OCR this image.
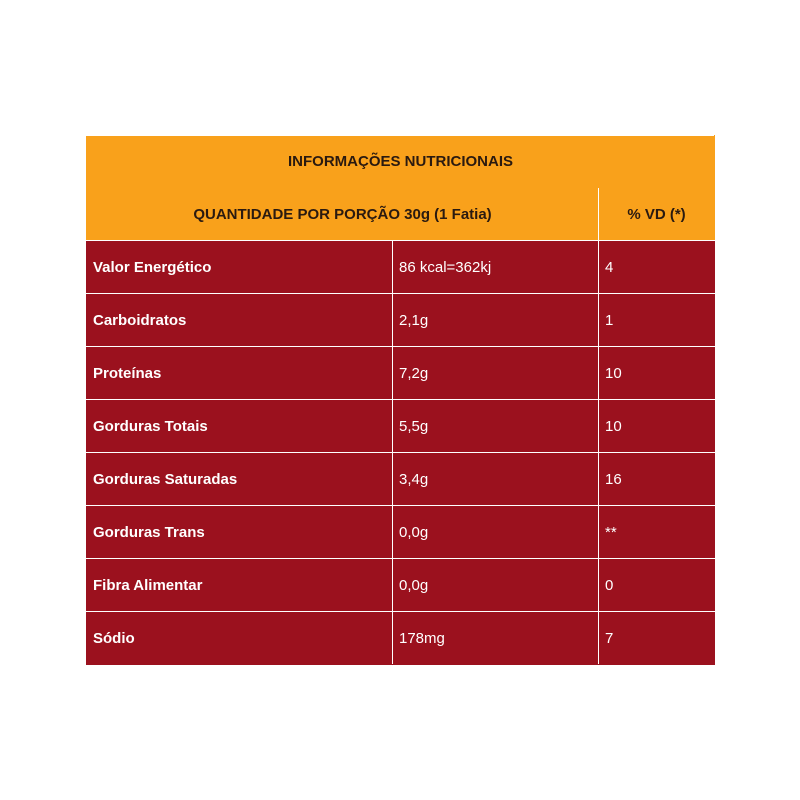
INFORMAÇÕES NUTRICIONAIS		
QUANTIDADE POR PORÇÃO 30g (1 Fatia)		% VD (*)
Valor Energético	86 kcal=362kj	4
Carboidratos	2,1g	1
Proteínas	7,2g	10
Gorduras Totais	5,5g	10
Gorduras Saturadas	3,4g	16
Gorduras Trans	0,0g	**
Fibra Alimentar	0,0g	0
Sódio	178mg	7
